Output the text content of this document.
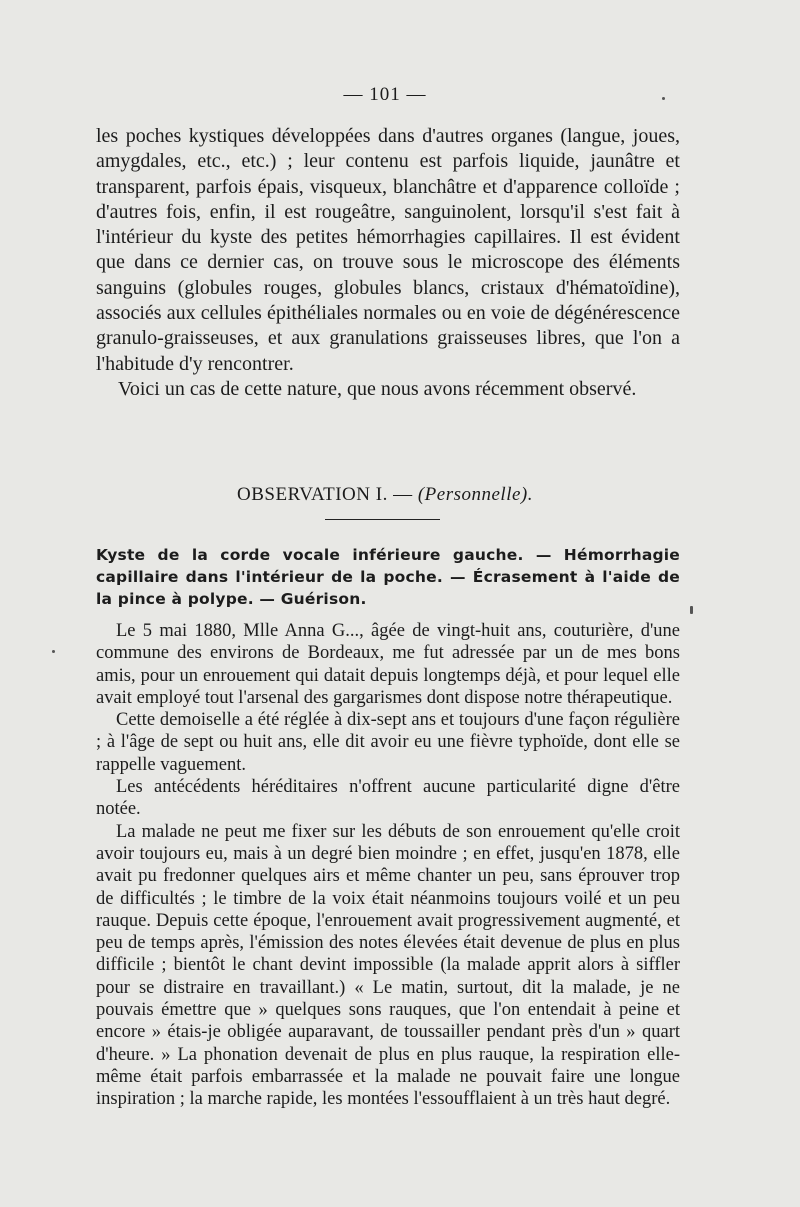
— 101 —

les poches kystiques développées dans d'autres organes (langue, joues, amygdales, etc., etc.) ; leur contenu est parfois liquide, jaunâtre et transparent, parfois épais, visqueux, blanchâtre et d'apparence colloïde ; d'autres fois, enfin, il est rougeâtre, sanguinolent, lorsqu'il s'est fait à l'intérieur du kyste des petites hémorrhagies capillaires. Il est évident que dans ce dernier cas, on trouve sous le microscope des éléments sanguins (globules rouges, globules blancs, cristaux d'hématoïdine), associés aux cellules épithéliales normales ou en voie de dégénérescence granulo-graisseuses, et aux granulations graisseuses libres, que l'on a l'habitude d'y rencontrer.

Voici un cas de cette nature, que nous avons récemment observé.

OBSERVATION I. — (Personnelle).
Kyste de la corde vocale inférieure gauche. — Hémorrhagie capillaire dans l'intérieur de la poche. — Écrasement à l'aide de la pince à polype. — Guérison.

Le 5 mai 1880, Mlle Anna G..., âgée de vingt-huit ans, couturière, d'une commune des environs de Bordeaux, me fut adressée par un de mes bons amis, pour un enrouement qui datait depuis longtemps déjà, et pour lequel elle avait employé tout l'arsenal des gargarismes dont dispose notre thérapeutique.

Cette demoiselle a été réglée à dix-sept ans et toujours d'une façon régulière ; à l'âge de sept ou huit ans, elle dit avoir eu une fièvre typhoïde, dont elle se rappelle vaguement.

Les antécédents héréditaires n'offrent aucune particularité digne d'être notée.

La malade ne peut me fixer sur les débuts de son enrouement qu'elle croit avoir toujours eu, mais à un degré bien moindre ; en effet, jusqu'en 1878, elle avait pu fredonner quelques airs et même chanter un peu, sans éprouver trop de difficultés ; le timbre de la voix était néanmoins toujours voilé et un peu rauque. Depuis cette époque, l'enrouement avait progressivement augmenté, et peu de temps après, l'émission des notes élevées était devenue de plus en plus difficile ; bientôt le chant devint impossible (la malade apprit alors à siffler pour se distraire en travaillant.) « Le matin, surtout, dit la malade, je ne pouvais émettre que » quelques sons rauques, que l'on entendait à peine et encore » étais-je obligée auparavant, de toussailler pendant près d'un » quart d'heure. » La phonation devenait de plus en plus rauque, la respiration elle-même était parfois embarrassée et la malade ne pouvait faire une longue inspiration ; la marche rapide, les montées l'essoufflaient à un très haut degré.
